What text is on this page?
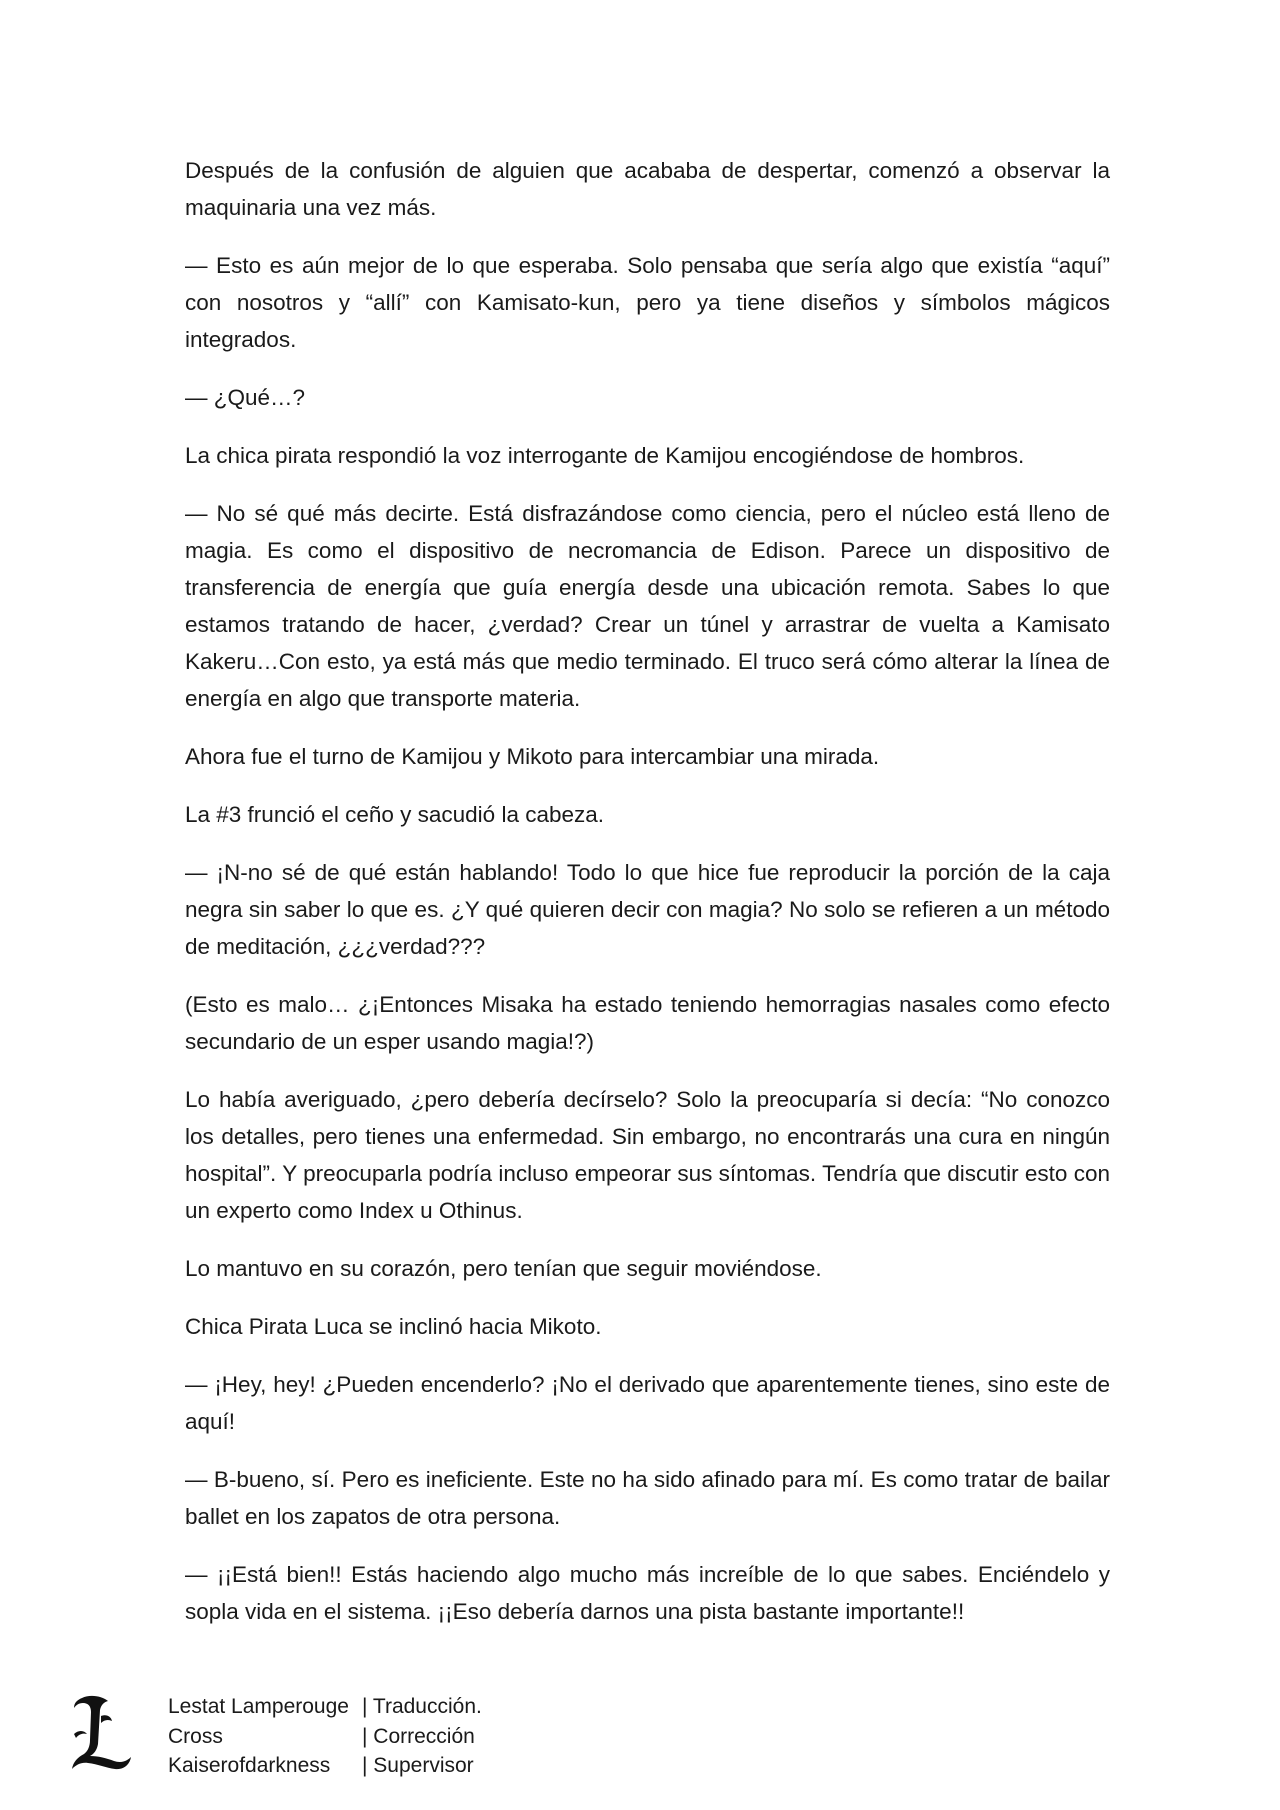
Después de la confusión de alguien que acababa de despertar, comenzó a observar la maquinaria una vez más.

— Esto es aún mejor de lo que esperaba. Solo pensaba que sería algo que existía “aquí” con nosotros y “allí” con Kamisato-kun, pero ya tiene diseños y símbolos mágicos integrados.

— ¿Qué…?

La chica pirata respondió la voz interrogante de Kamijou encogiéndose de hombros.

— No sé qué más decirte. Está disfrazándose como ciencia, pero el núcleo está lleno de magia. Es como el dispositivo de necromancia de Edison. Parece un dispositivo de transferencia de energía que guía energía desde una ubicación remota. Sabes lo que estamos tratando de hacer, ¿verdad? Crear un túnel y arrastrar de vuelta a Kamisato Kakeru…Con esto, ya está más que medio terminado. El truco será cómo alterar la línea de energía en algo que transporte materia.

Ahora fue el turno de Kamijou y Mikoto para intercambiar una mirada.

La #3 frunció el ceño y sacudió la cabeza.

— ¡N-no sé de qué están hablando! Todo lo que hice fue reproducir la porción de la caja negra sin saber lo que es. ¿Y qué quieren decir con magia? No solo se refieren a un método de meditación, ¿¿¿verdad???

(Esto es malo… ¿¡Entonces Misaka ha estado teniendo hemorragias nasales como efecto secundario de un esper usando magia!?)

Lo había averiguado, ¿pero debería decírselo? Solo la preocuparía si decía: “No conozco los detalles, pero tienes una enfermedad. Sin embargo, no encontrarás una cura en ningún hospital”. Y preocuparla podría incluso empeorar sus síntomas. Tendría que discutir esto con un experto como Index u Othinus.

Lo mantuvo en su corazón, pero tenían que seguir moviéndose.

Chica Pirata Luca se inclinó hacia Mikoto.

— ¡Hey, hey! ¿Pueden encenderlo? ¡No el derivado que aparentemente tienes, sino este de aquí!

— B-bueno, sí. Pero es ineficiente. Este no ha sido afinado para mí. Es como tratar de bailar ballet en los zapatos de otra persona.

— ¡¡Está bien!! Estás haciendo algo mucho más increíble de lo que sabes. Enciéndelo y sopla vida en el sistema. ¡¡Eso debería darnos una pista bastante importante!!

Lestat Lamperouge | Traducción.
Cross	| Corrección
Kaiserofdarkness	| Supervisor
